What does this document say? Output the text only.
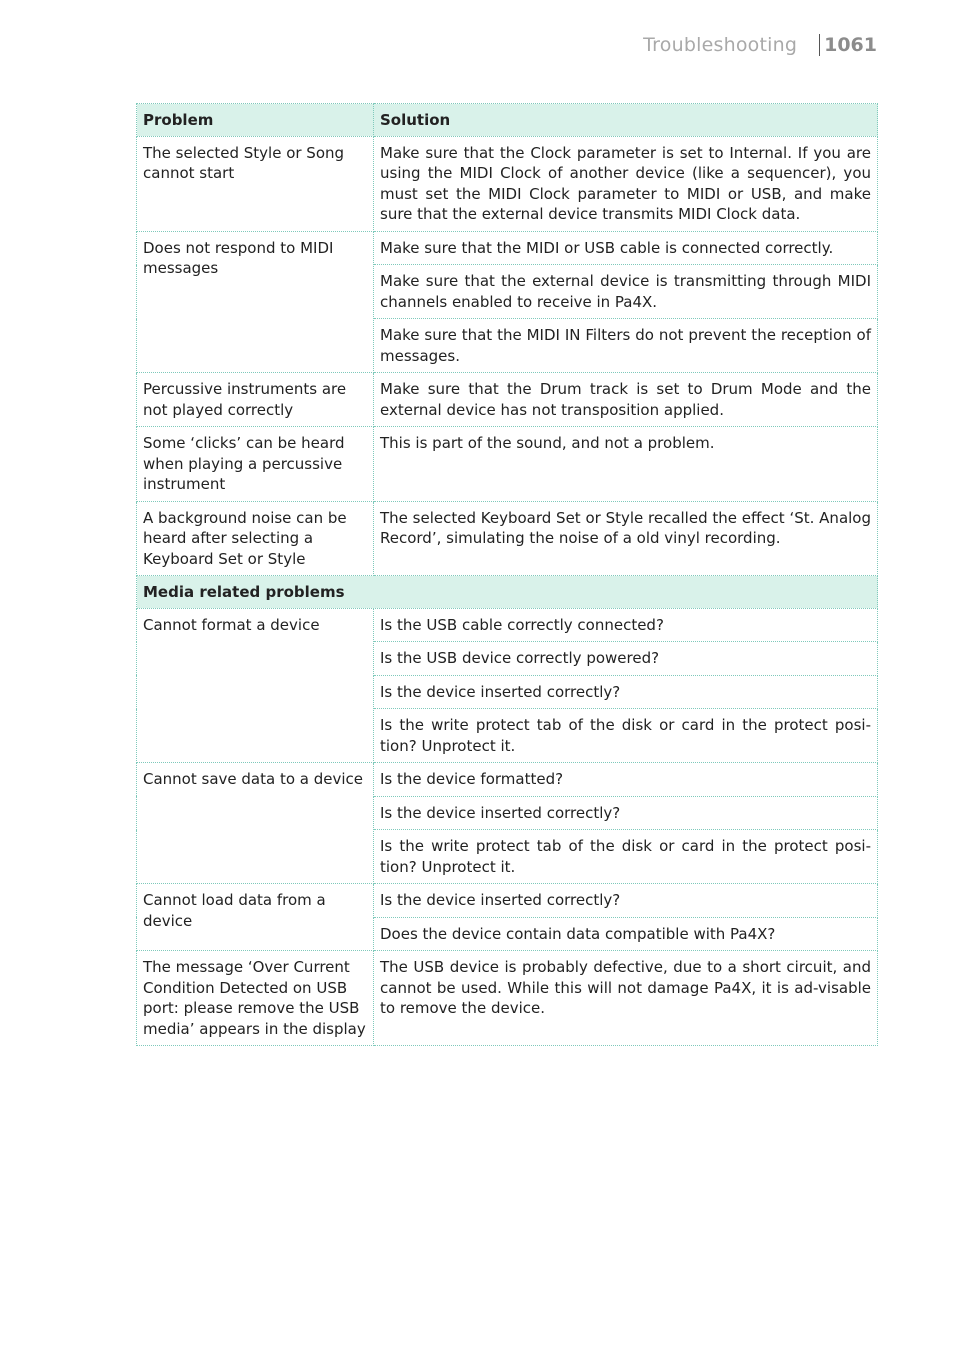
Troubleshooting 1061
Problem	Solution
The selected Style or Song cannot start	Make sure that the Clock parameter is set to Internal. If you are using the MIDI Clock of another device (like a sequencer), you must set the MIDI Clock parameter to MIDI or USB, and make sure that the external device transmits MIDI Clock data.
Does not respond to MIDI messages	Make sure that the MIDI or USB cable is connected correctly.
	Make sure that the external device is transmitting through MIDI channels enabled to receive in Pa4X.
	Make sure that the MIDI IN Filters do not prevent the reception of messages.
Percussive instruments are not played correctly	Make sure that the Drum track is set to Drum Mode and the external device has not transposition applied.
Some ‘clicks’ can be heard when playing a percussive instrument	This is part of the sound, and not a problem.
A background noise can be heard after selecting a Keyboard Set or Style	The selected Keyboard Set or Style recalled the effect ‘St. Analog Record’, simulating the noise of a old vinyl recording.
Media related problems	
Cannot format a device	Is the USB cable correctly connected?
	Is the USB device correctly powered?
	Is the device inserted correctly?
	Is the write protect tab of the disk or card in the protect posi-tion? Unprotect it.
Cannot save data to a device	Is the device formatted?
	Is the device inserted correctly?
	Is the write protect tab of the disk or card in the protect posi-tion? Unprotect it.
Cannot load data from a device	Is the device inserted correctly?
	Does the device contain data compatible with Pa4X?
The message ‘Over Current Condition Detected on USB port: please remove the USB media’ appears in the display	The USB device is probably defective, due to a short circuit, and cannot be used. While this will not damage Pa4X, it is ad-visable to remove the device.
